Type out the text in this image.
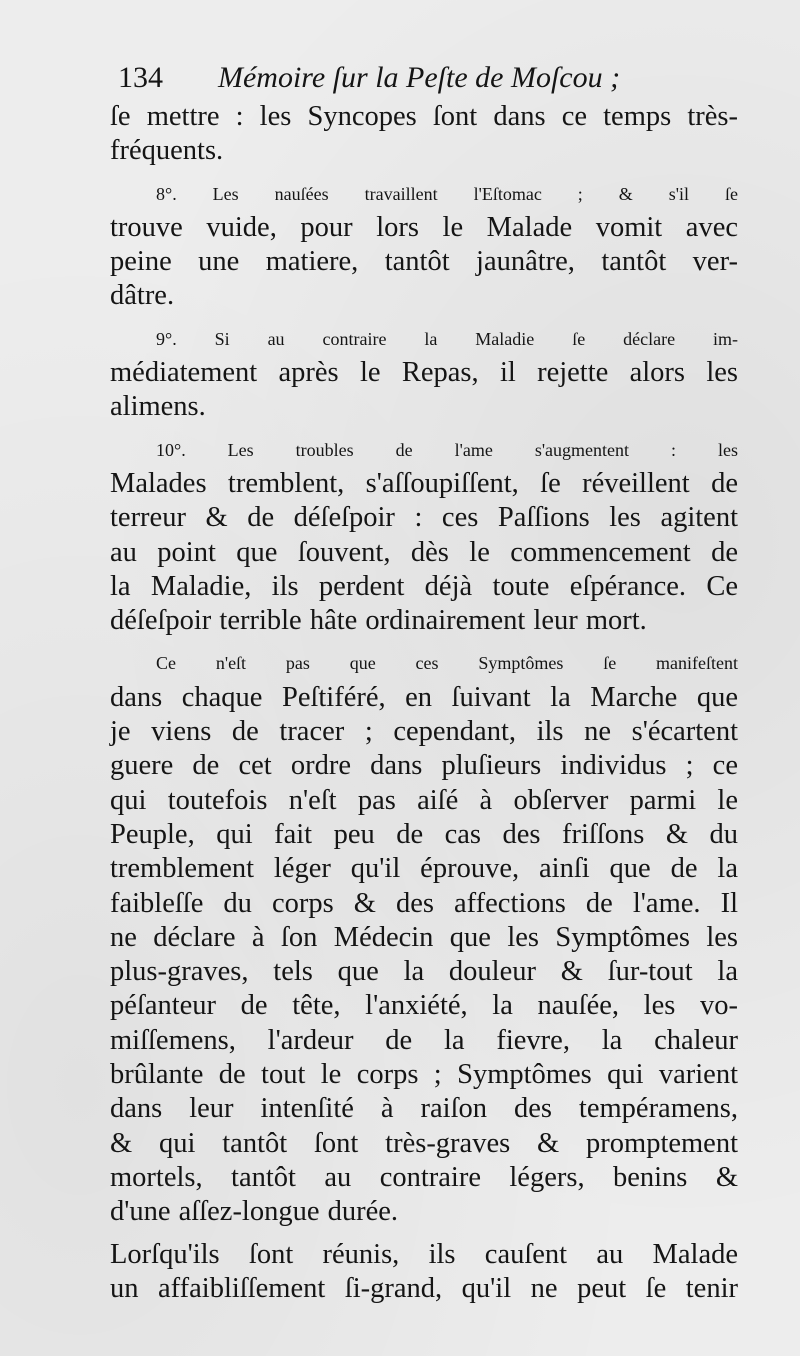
134 Mémoire ſur la Peſte de Moſcou ;
ſe mettre : les Syncopes ſont dans ce temps très-
fréquents.
8°. Les nauſées travaillent l'Eſtomac ; & s'il ſe
trouve vuide, pour lors le Malade vomit avec
peine une matiere, tantôt jaunâtre, tantôt ver-
dâtre.
9°. Si au contraire la Maladie ſe déclare im-
médiatement après le Repas, il rejette alors les
alimens.
10°. Les troubles de l'ame s'augmentent : les
Malades tremblent, s'aſſoupiſſent, ſe réveillent de
terreur & de déſeſpoir : ces Paſſions les agitent
au point que ſouvent, dès le commencement de
la Maladie, ils perdent déjà toute eſpérance. Ce
déſeſpoir terrible hâte ordinairement leur mort.
Ce n'eſt pas que ces Symptômes ſe manifeſtent
dans chaque Peſtiféré, en ſuivant la Marche que
je viens de tracer ; cependant, ils ne s'écartent
guere de cet ordre dans pluſieurs individus ; ce
qui toutefois n'eſt pas aiſé à obſerver parmi le
Peuple, qui fait peu de cas des friſſons & du
tremblement léger qu'il éprouve, ainſi que de la
faibleſſe du corps & des affections de l'ame. Il
ne déclare à ſon Médecin que les Symptômes les
plus-graves, tels que la douleur & ſur-tout la
péſanteur de tête, l'anxiété, la nauſée, les vo-
miſſemens, l'ardeur de la fievre, la chaleur
brûlante de tout le corps ; Symptômes qui varient
dans leur intenſité à raiſon des tempéramens,
& qui tantôt ſont très-graves & promptement
mortels, tantôt au contraire légers, benins &
d'une aſſez-longue durée.
Lorſqu'ils ſont réunis, ils cauſent au Malade
un affaibliſſement ſi-grand, qu'il ne peut ſe tenir
